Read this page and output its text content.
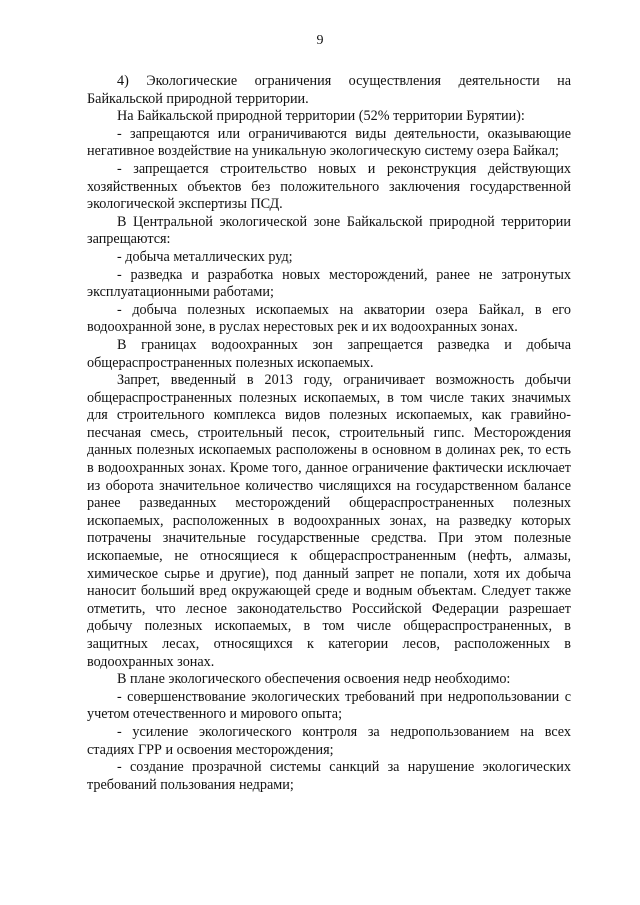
9

4) Экологические ограничения осуществления деятельности на Байкальской природной территории.

На Байкальской природной территории (52% территории Бурятии):

- запрещаются или ограничиваются виды деятельности, оказывающие негативное воздействие на уникальную экологическую систему озера Байкал;

- запрещается строительство новых и реконструкция действующих хозяйственных объектов без положительного заключения государственной экологической экспертизы ПСД.

В Центральной экологической зоне Байкальской природной территории запрещаются:

- добыча металлических руд;

- разведка и разработка новых месторождений, ранее не затронутых эксплуатационными работами;

- добыча полезных ископаемых на акватории озера Байкал, в его водоохранной зоне, в руслах нерестовых рек и их водоохранных зонах.

В границах водоохранных зон запрещается разведка и добыча общераспространенных полезных ископаемых.

Запрет, введенный в 2013 году, ограничивает возможность добычи общераспространенных полезных ископаемых, в том числе таких значимых для строительного комплекса видов полезных ископаемых, как гравийно-песчаная смесь, строительный песок, строительный гипс. Месторождения данных полезных ископаемых расположены в основном в долинах рек, то есть в водоохранных зонах. Кроме того, данное ограничение фактически исключает из оборота значительное количество числящихся на государственном балансе ранее разведанных месторождений общераспространенных полезных ископаемых, расположенных в водоохранных зонах, на разведку которых потрачены значительные государственные средства. При этом полезные ископаемые, не относящиеся к общераспространенным (нефть, алмазы, химическое сырье и другие), под данный запрет не попали, хотя их добыча наносит больший вред окружающей среде и водным объектам. Следует также отметить, что лесное законодательство Российской Федерации разрешает добычу полезных ископаемых, в том числе общераспространенных, в защитных лесах, относящихся к категории лесов, расположенных в водоохранных зонах.

В плане экологического обеспечения освоения недр необходимо:

- совершенствование экологических требований при недропользовании с учетом отечественного и мирового опыта;

- усиление экологического контроля за недропользованием на всех стадиях ГРР и освоения месторождения;

- создание прозрачной системы санкций за нарушение экологических требований пользования недрами;
